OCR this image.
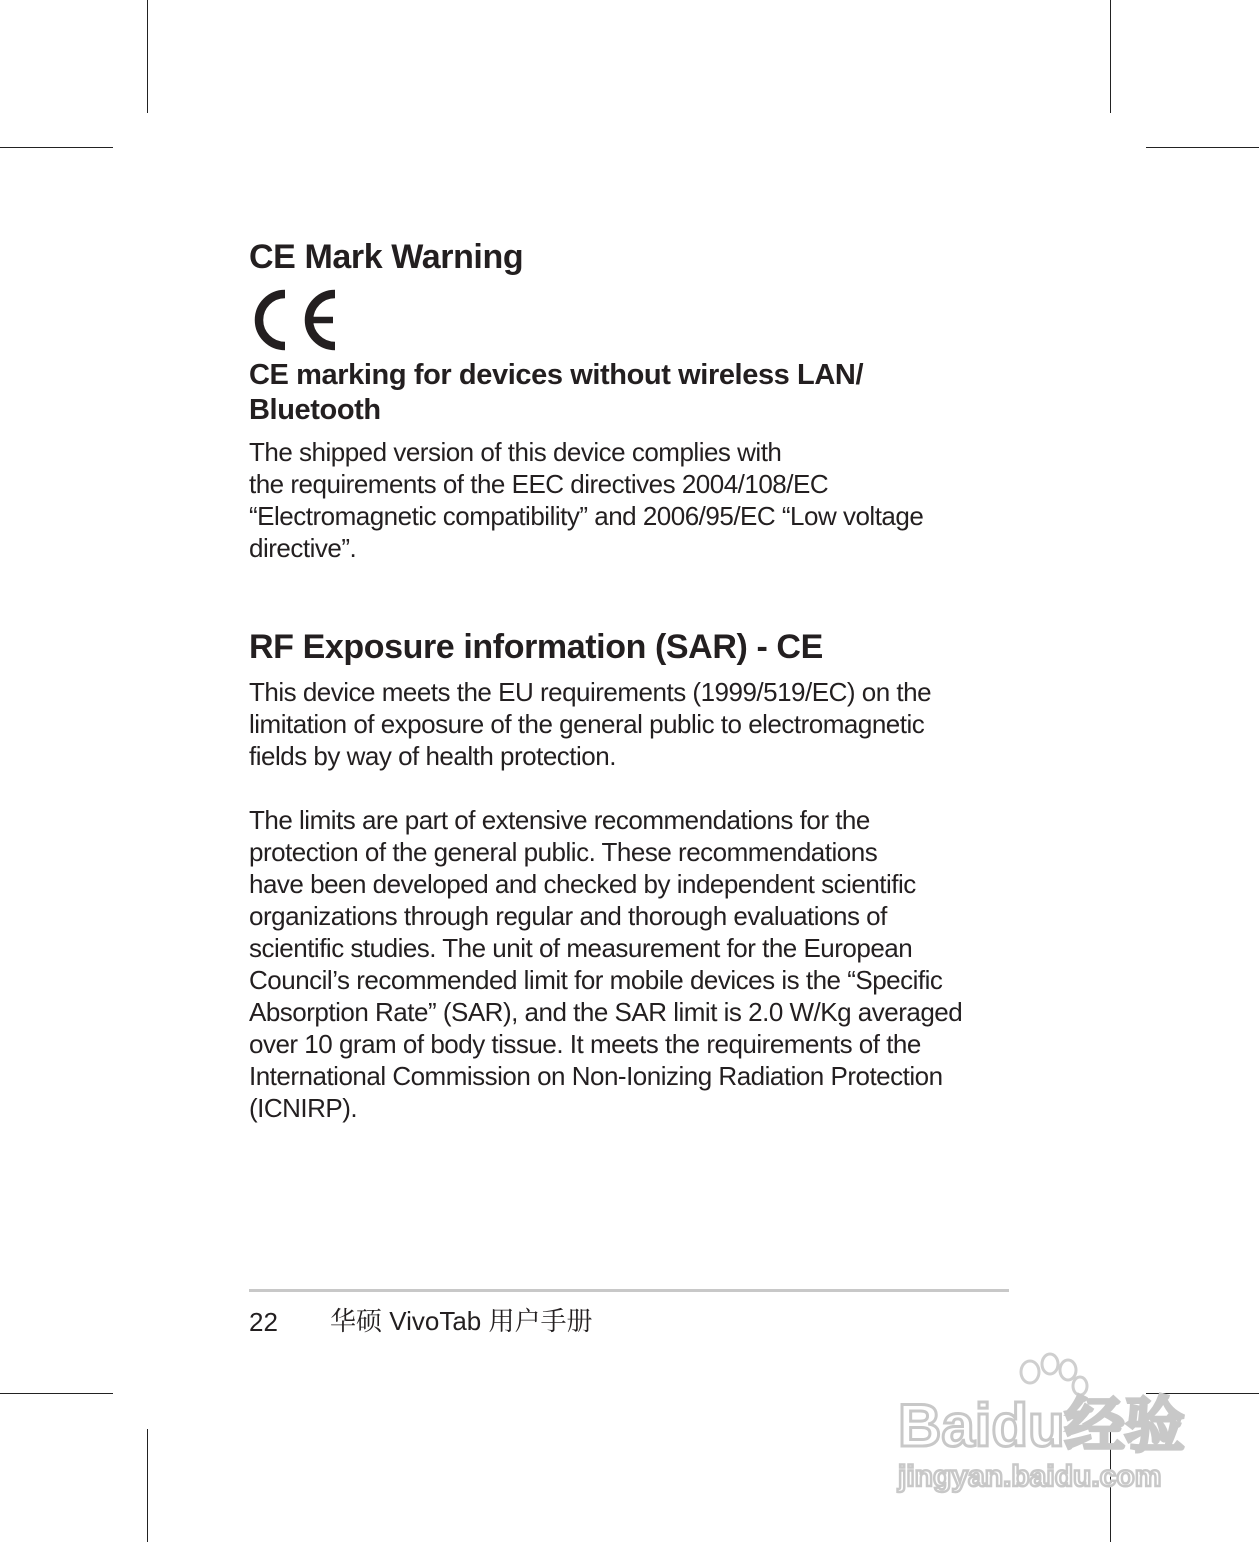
CE Mark Warning
CE marking for devices without wireless LAN/ Bluetooth
The shipped version of this device complies with
the requirements of the EEC directives 2004/108/EC
“Electromagnetic compatibility” and 2006/95/EC “Low voltage
directive”.
RF Exposure information (SAR) - CE
This device meets the EU requirements (1999/519/EC) on the
limitation of exposure of the general public to electromagnetic
fields by way of health protection.
The limits are part of extensive recommendations for the
protection of the general public. These recommendations
have been developed and checked by independent scientific
organizations through regular and thorough evaluations of
scientific studies. The unit of measurement for the European
Council’s recommended limit for mobile devices is the “Specific
Absorption Rate” (SAR), and the SAR limit is 2.0 W/Kg averaged
over 10 gram of body tissue. It meets the requirements of the
International Commission on Non-Ionizing Radiation Protection
(ICNIRP).
22 华硕 VivoTab 用户手册
Baidu经验
jingyan.baidu.com
